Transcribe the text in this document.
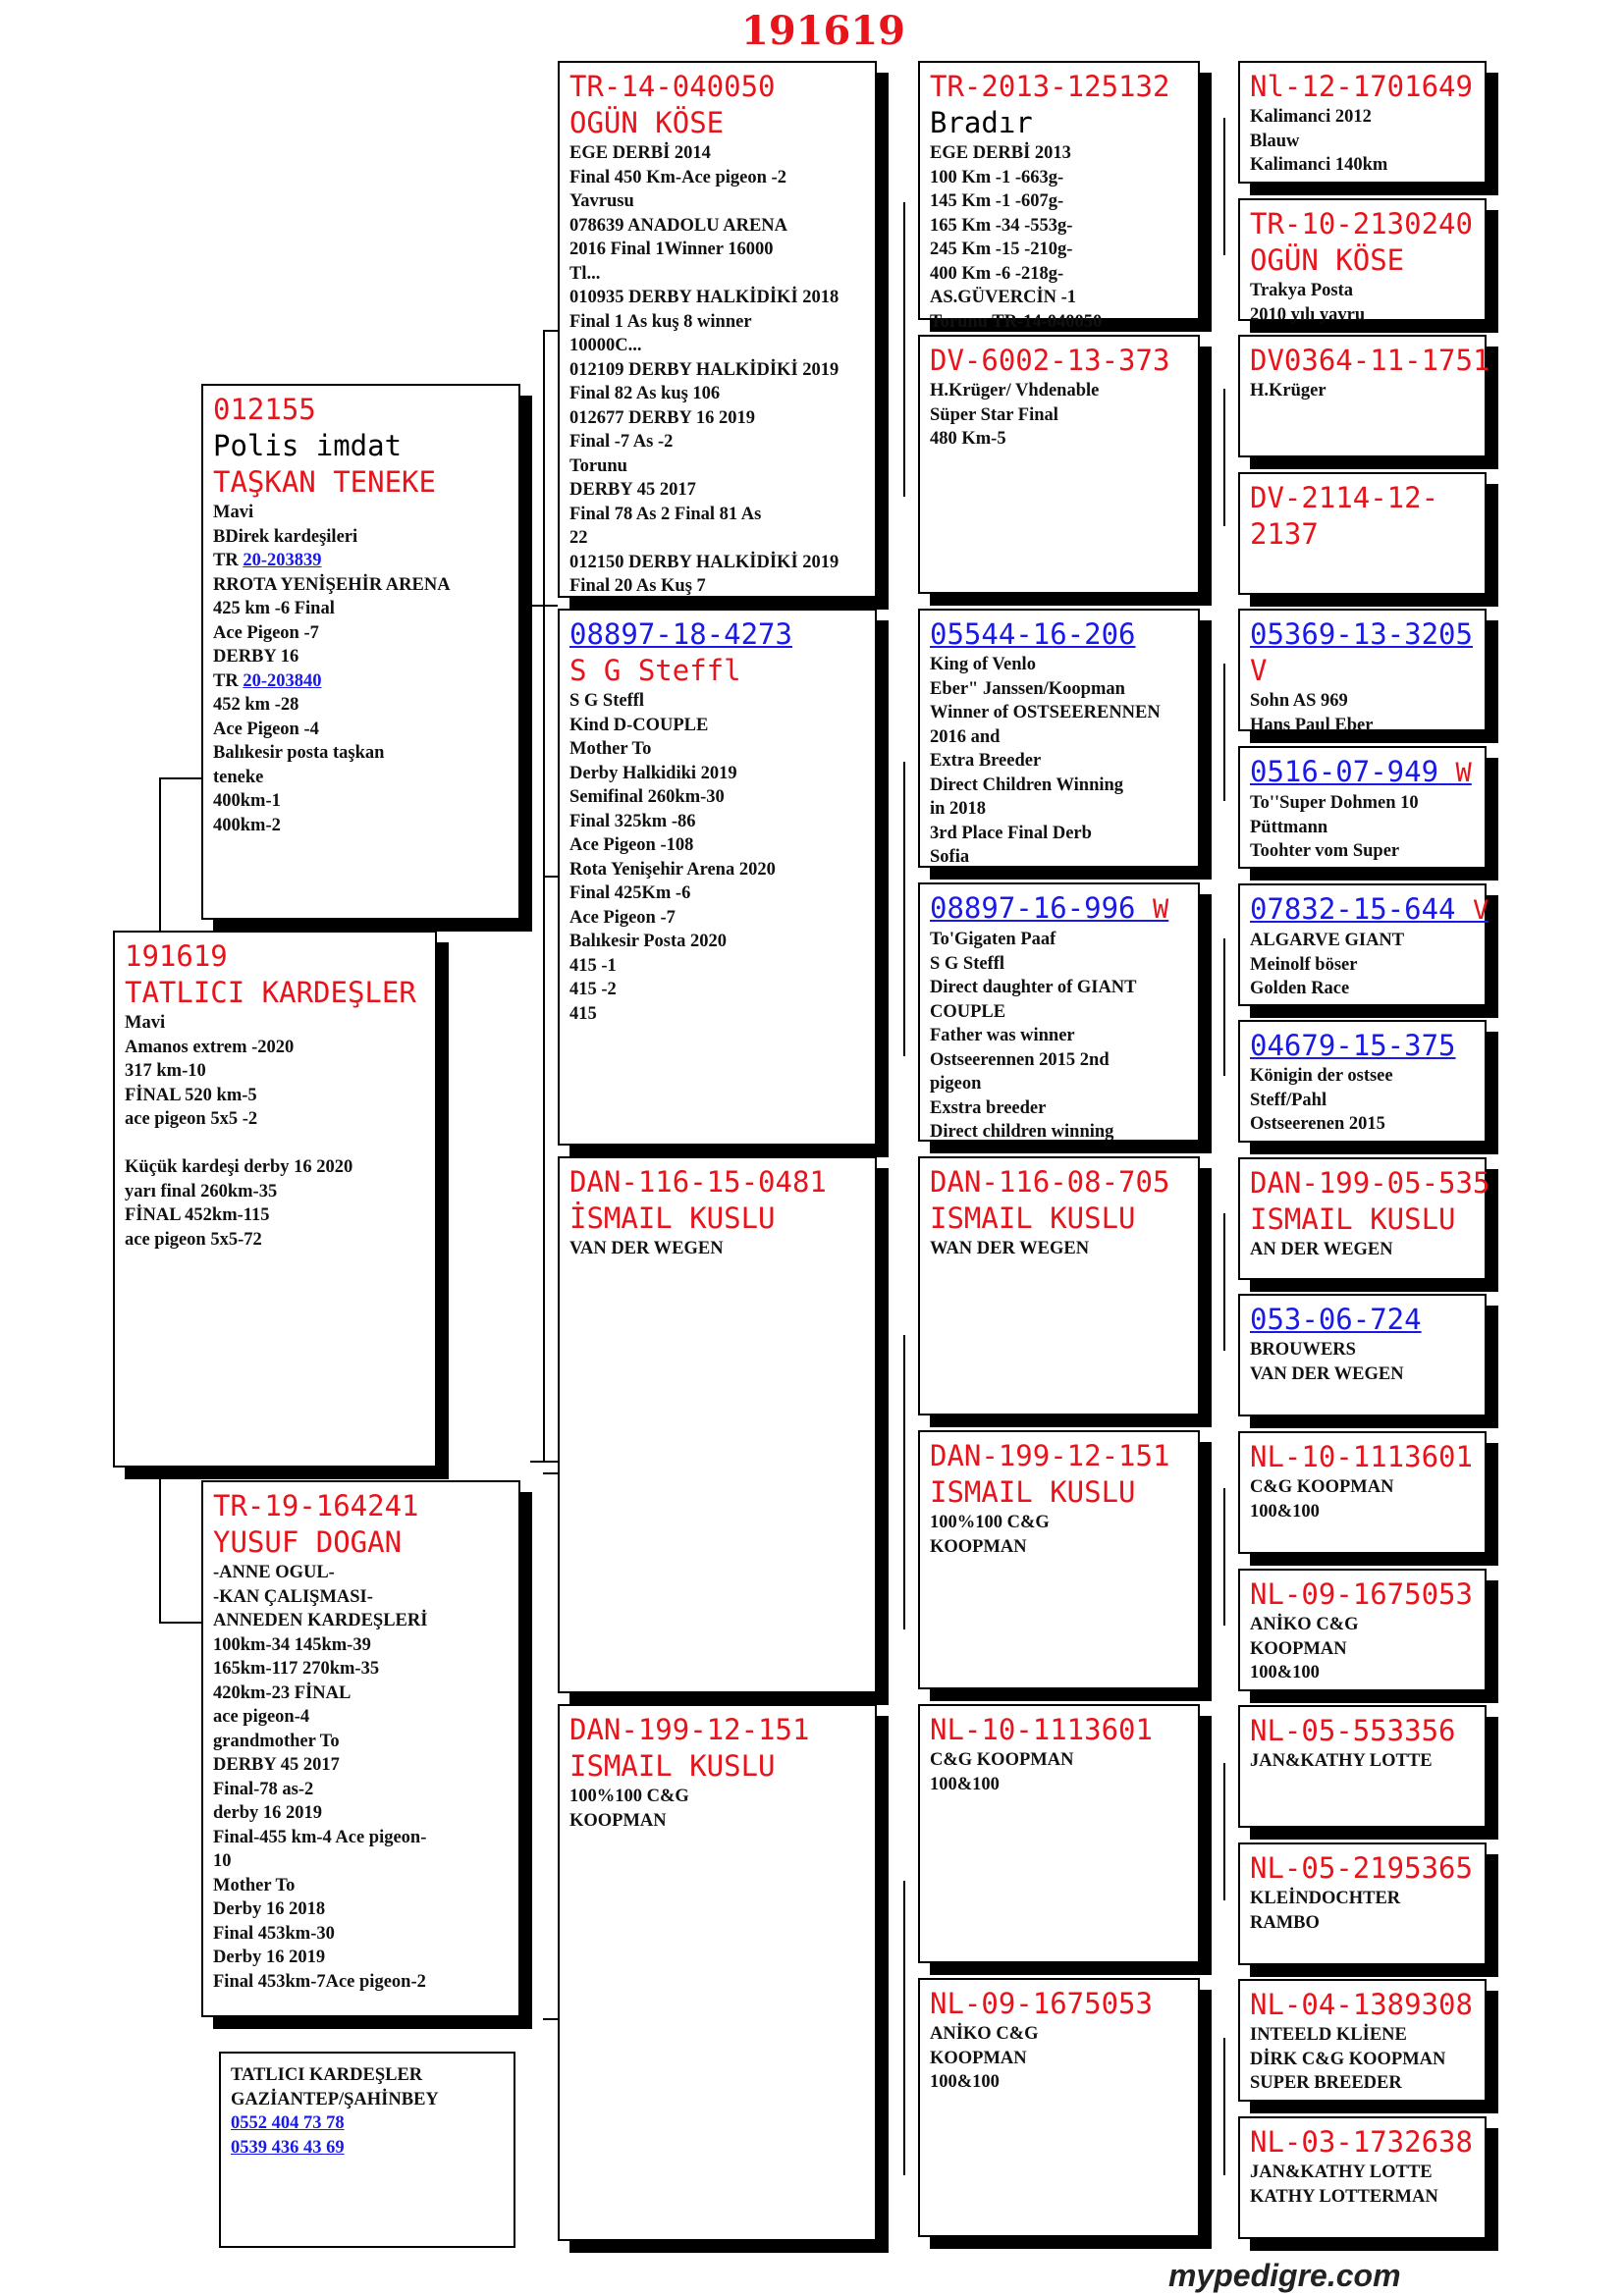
191619
191619
TATLICI KARDEŞLER
Mavi
Amanos extrem -2020
317 km-10
FİNAL 520 km-5
ace pigeon 5x5 -2

Küçük kardeşi derby 16 2020
yarı final 260km-35
FİNAL 452km-115
ace pigeon 5x5-72
012155
Polis imdat
TAŞKAN TENEKE
Mavi
BDirek kardeşileri
TR 20-203839
RROTA YENİŞEHİR ARENA
425 km -6 Final
Ace Pigeon -7
DERBY 16
TR 20-203840
452 km -28
Ace Pigeon -4
Balıkesir posta taşkan
teneke
400km-1
400km-2
TR-19-164241
YUSUF DOGAN
-ANNE OGUL-
-KAN ÇALIŞMASI-
ANNEDEN KARDEŞLERİ
100km-34 145km-39
165km-117 270km-35
420km-23 FİNAL
ace pigeon-4
grandmother To
DERBY 45 2017
Final-78 as-2
derby 16 2019
Final-455 km-4 Ace pigeon-
10
Mother To
Derby 16 2018
Final 453km-30
Derby 16 2019
Final 453km-7Ace pigeon-2
TATLICI KARDEŞLER
GAZİANTEP/ŞAHİNBEY
0552 404 73 78
0539 436 43 69
TR-14-040050
OGÜN KÖSE
EGE DERBİ 2014
Final 450 Km-Ace pigeon -2
Yavrusu
078639 ANADOLU ARENA
2016 Final 1Winner 16000
Tl...
010935 DERBY HALKİDİKİ 2018
Final 1 As kuş 8 winner
10000C...
012109 DERBY HALKİDİKİ 2019
Final 82 As kuş 106
012677 DERBY 16 2019
Final -7 As -2
Torunu
DERBY 45 2017
Final 78 As 2 Final 81 As
22
012150 DERBY HALKİDİKİ 2019
Final 20 As Kuş 7
08897-18-4273
S G Steffl
S G Steffl
Kind D-COUPLE
Mother To
Derby Halkidiki 2019
Semifinal 260km-30
Final 325km -86
Ace Pigeon -108
Rota Yenişehir Arena 2020
Final 425Km -6
Ace Pigeon -7
Balıkesir Posta 2020
415 -1
415 -2
415
DAN-116-15-0481
İSMAIL KUSLU
VAN DER WEGEN
DAN-199-12-151
ISMAIL KUSLU
100%100 C&G
KOOPMAN
TR-2013-125132
Bradır
EGE DERBİ 2013
100 Km -1 -663g-
145 Km -1 -607g-
165 Km -34 -553g-
245 Km -15 -210g-
400 Km -6 -218g-
AS.GÜVERCİN -1
Torunu TR-14-040050
DV-6002-13-373
H.Krüger/ Vhdenable
Süper Star Final
480 Km-5
05544-16-206
King of Venlo
Eber" Janssen/Koopman
Winner of OSTSEERENNEN
2016 and
Extra Breeder
Direct Children Winning
in 2018
3rd Place Final Derb
Sofia
08897-16-996 W
To'Gigaten Paaf
S G Steffl
Direct daughter of GIANT
COUPLE
Father was winner
Ostseerennen 2015 2nd
pigeon
Exstra breeder
Direct children winning
DAN-116-08-705
ISMAIL KUSLU
WAN DER WEGEN
DAN-199-12-151
ISMAIL KUSLU
100%100 C&G
KOOPMAN
NL-10-1113601
C&G KOOPMAN
100&100
NL-09-1675053
ANİKO C&G
KOOPMAN
100&100
Nl-12-1701649
Kalimanci 2012
Blauw
Kalimanci 140km
TR-10-2130240
OGÜN KÖSE
Trakya Posta
2010 yılı yavru
DV0364-11-1751
H.Krüger
DV-2114-12-
2137
05369-13-3205
V
Sohn AS 969
Hans Paul Eber
0516-07-949 W
To''Super Dohmen 10
Püttmann
Toohter vom Super
07832-15-644 V
ALGARVE GIANT
Meinolf böser
Golden Race
04679-15-375
Königin der ostsee
Steff/Pahl
Ostseerenen 2015
DAN-199-05-535
ISMAIL KUSLU
AN DER WEGEN
053-06-724
BROUWERS
VAN DER WEGEN
NL-10-1113601
C&G KOOPMAN
100&100
NL-09-1675053
ANİKO C&G
KOOPMAN
100&100
NL-05-553356
JAN&KATHY LOTTE
NL-05-2195365
KLEİNDOCHTER
RAMBO
NL-04-1389308
INTEELD KLİENE
DİRK C&G KOOPMAN
SUPER BREEDER
NL-03-1732638
JAN&KATHY LOTTE
KATHY LOTTERMAN
mypedigre.com
